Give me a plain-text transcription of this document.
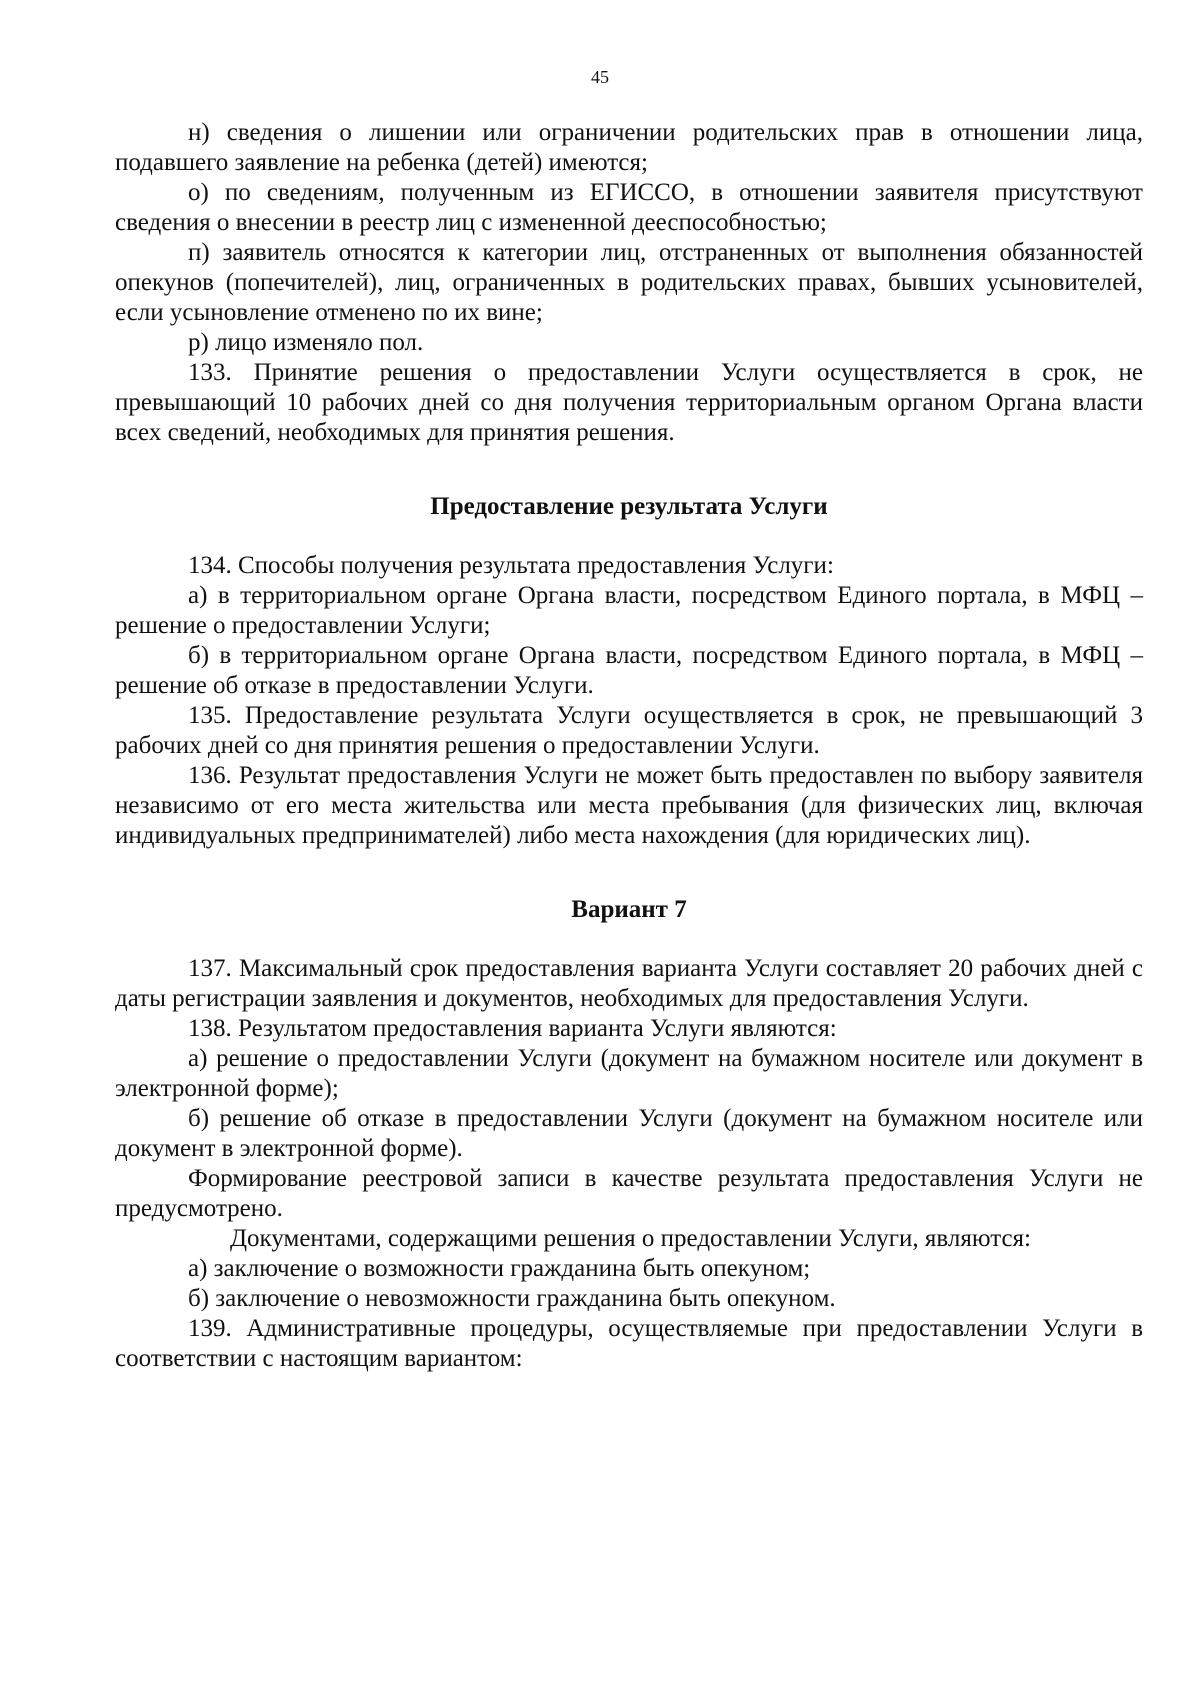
45

н) сведения о лишении или ограничении родительских прав в отношении лица, подавшего заявление на ребенка (детей) имеются;

о) по сведениям, полученным из ЕГИССО, в отношении заявителя присутствуют сведения о внесении в реестр лиц с измененной дееспособностью;

п) заявитель относятся к категории лиц, отстраненных от выполнения обязанностей опекунов (попечителей), лиц, ограниченных в родительских правах, бывших усыновителей, если усыновление отменено по их вине;

р) лицо изменяло пол.

133. Принятие решения о предоставлении Услуги осуществляется в срок, не превышающий 10 рабочих дней со дня получения территориальным органом Органа власти всех сведений, необходимых для принятия решения.

Предоставление результата Услуги

134. Способы получения результата предоставления Услуги:

а) в территориальном органе Органа власти, посредством Единого портала, в МФЦ – решение о предоставлении Услуги;

б) в территориальном органе Органа власти, посредством Единого портала, в МФЦ – решение об отказе в предоставлении Услуги.

135. Предоставление результата Услуги осуществляется в срок, не превышающий 3 рабочих дней со дня принятия решения о предоставлении Услуги.

136. Результат предоставления Услуги не может быть предоставлен по выбору заявителя независимо от его места жительства или места пребывания (для физических лиц, включая индивидуальных предпринимателей) либо места нахождения (для юридических лиц).

Вариант 7

137. Максимальный срок предоставления варианта Услуги составляет 20 рабочих дней с даты регистрации заявления и документов, необходимых для предоставления Услуги.

138. Результатом предоставления варианта Услуги являются:

а) решение о предоставлении Услуги (документ на бумажном носителе или документ в электронной форме);

б) решение об отказе в предоставлении Услуги (документ на бумажном носителе или документ в электронной форме).

Формирование реестровой записи в качестве результата предоставления Услуги не предусмотрено.

Документами, содержащими решения о предоставлении Услуги, являются:

а) заключение о возможности гражданина быть опекуном;

б) заключение о невозможности гражданина быть опекуном.

139. Административные процедуры, осуществляемые при предоставлении Услуги в соответствии с настоящим вариантом:
